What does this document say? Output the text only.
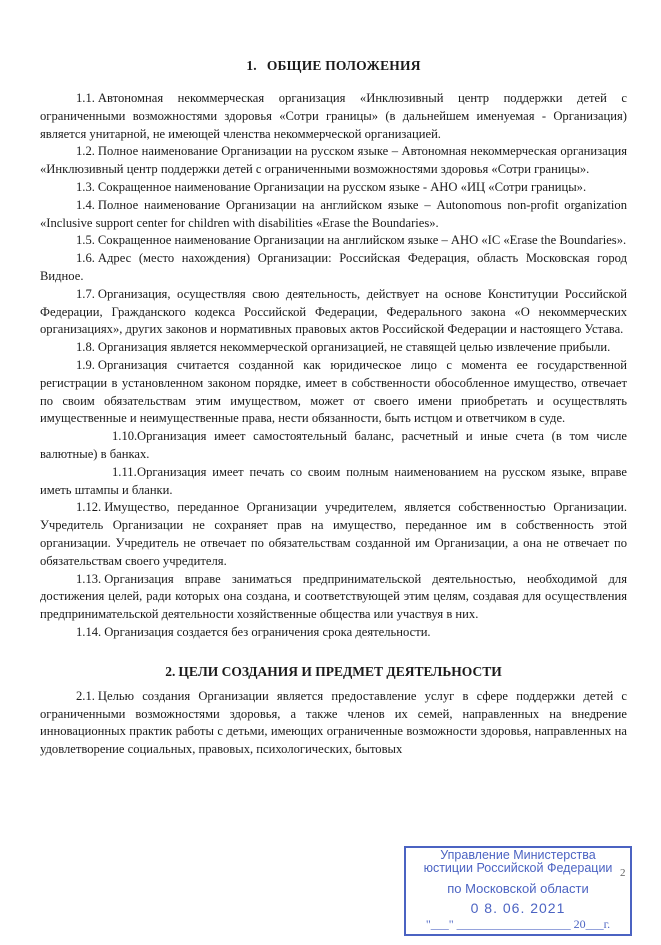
1. ОБЩИЕ ПОЛОЖЕНИЯ

1.1. Автономная некоммерческая организация «Инклюзивный центр поддержки детей с ограниченными возможностями здоровья «Сотри границы» (в дальнейшем именуемая - Организация) является унитарной, не имеющей членства некоммерческой организацией.

1.2. Полное наименование Организации на русском языке – Автономная некоммерческая организация «Инклюзивный центр поддержки детей с ограниченными возможностями здоровья «Сотри границы».

1.3. Сокращенное наименование Организации на русском языке - АНО «ИЦ «Сотри границы».

1.4. Полное наименование Организации на английском языке – Autonomous non-profit organization «Inclusive support center for children with disabilities «Erase the Boundaries».

1.5. Сокращенное наименование Организации на английском языке – АНО «IC «Erase the Boundaries».

1.6. Адрес (место нахождения) Организации: Российская Федерация, область Московская город Видное.

1.7. Организация, осуществляя свою деятельность, действует на основе Конституции Российской Федерации, Гражданского кодекса Российской Федерации, Федерального закона «О некоммерческих организациях», других законов и нормативных правовых актов Российской Федерации и настоящего Устава.

1.8. Организация является некоммерческой организацией, не ставящей целью извлечение прибыли.

1.9. Организация считается созданной как юридическое лицо с момента ее государственной регистрации в установленном законом порядке, имеет в собственности обособленное имущество, отвечает по своим обязательствам этим имуществом, может от своего имени приобретать и осуществлять имущественные и неимущественные права, нести обязанности, быть истцом и ответчиком в суде.

1.10.Организация имеет самостоятельный баланс, расчетный и иные счета (в том числе валютные) в банках.

1.11.Организация имеет печать со своим полным наименованием на русском языке, вправе иметь штампы и бланки.

1.12. Имущество, переданное Организации учредителем, является собственностью Организации. Учредитель Организации не сохраняет прав на имущество, переданное им в собственность этой организации. Учредитель не отвечает по обязательствам созданной им Организации, а она не отвечает по обязательствам своего учредителя.

1.13. Организация вправе заниматься предпринимательской деятельностью, необходимой для достижения целей, ради которых она создана, и соответствующей этим целям, создавая для осуществления предпринимательской деятельности хозяйственные общества или участвуя в них.

1.14. Организация создается без ограничения срока деятельности.

2. ЦЕЛИ СОЗДАНИЯ И ПРЕДМЕТ ДЕЯТЕЛЬНОСТИ

2.1. Целью создания Организации является предоставление услуг в сфере поддержки детей с ограниченными возможностями здоровья, а также членов их семей, направленных на внедрение инновационных практик работы с детьми, имеющих ограниченные возможности здоровья, направленных на удовлетворение социальных, правовых, психологических, бытовых

2
Управление Министерства
юстиции Российской Федерации
по Московской области
0 8. 06. 2021
"___" ___________________ 20___г.
